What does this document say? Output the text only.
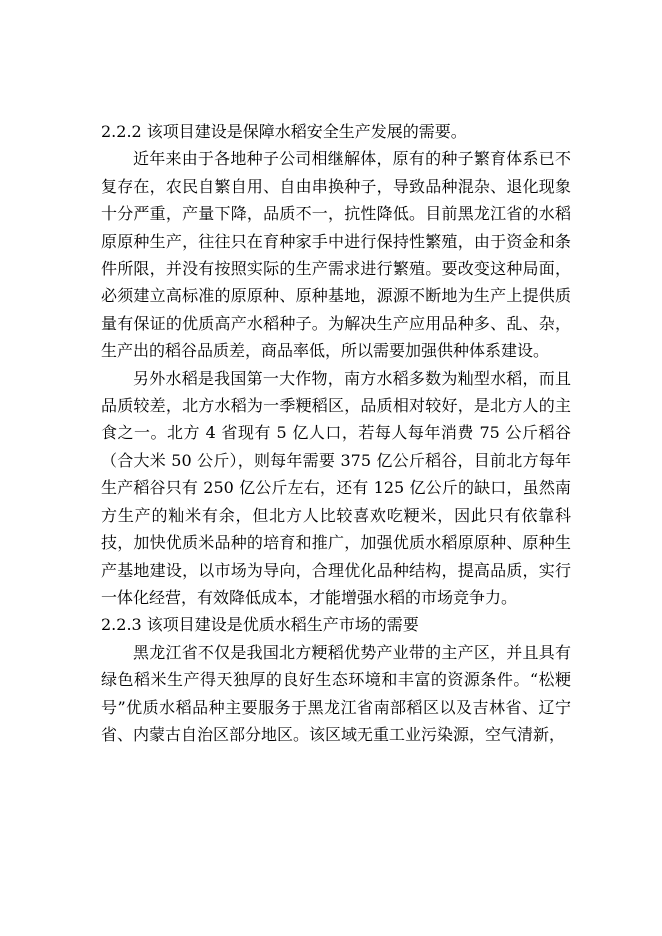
2.2.2 该项目建设是保障水稻安全生产发展的需要。

近年来由于各地种子公司相继解体，原有的种子繁育体系已不复存在，农民自繁自用、自由串换种子，导致品种混杂、退化现象十分严重，产量下降，品质不一，抗性降低。目前黑龙江省的水稻原原种生产，往往只在育种家手中进行保持性繁殖，由于资金和条件所限，并没有按照实际的生产需求进行繁殖。要改变这种局面，必须建立高标准的原原种、原种基地，源源不断地为生产上提供质量有保证的优质高产水稻种子。为解决生产应用品种多、乱、杂，生产出的稻谷品质差，商品率低，所以需要加强供种体系建设。

另外水稻是我国第一大作物，南方水稻多数为籼型水稻，而且品质较差，北方水稻为一季粳稻区，品质相对较好，是北方人的主食之一。北方 4 省现有 5 亿人口，若每人每年消费 75 公斤稻谷（合大米 50 公斤），则每年需要 375 亿公斤稻谷，目前北方每年生产稻谷只有 250 亿公斤左右，还有 125 亿公斤的缺口，虽然南方生产的籼米有余，但北方人比较喜欢吃粳米，因此只有依靠科技，加快优质米品种的培育和推广，加强优质水稻原原种、原种生产基地建设，以市场为导向，合理优化品种结构，提高品质，实行一体化经营，有效降低成本，才能增强水稻的市场竞争力。

2.2.3 该项目建设是优质水稻生产市场的需要

黑龙江省不仅是我国北方粳稻优势产业带的主产区，并且具有绿色稻米生产得天独厚的良好生态环境和丰富的资源条件。“松粳号”优质水稻品种主要服务于黑龙江省南部稻区以及吉林省、辽宁省、内蒙古自治区部分地区。该区域无重工业污染源，空气清新，
